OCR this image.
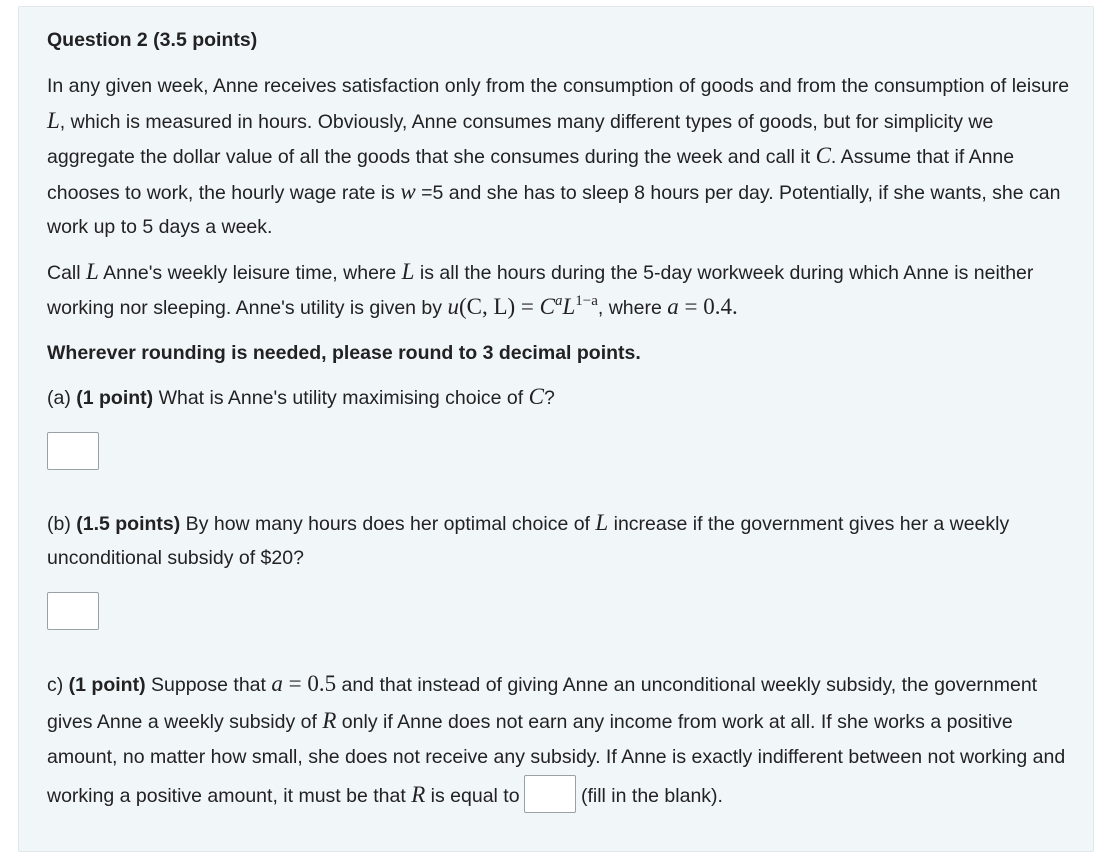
Question 2 (3.5 points)

In any given week, Anne receives satisfaction only from the consumption of goods and from the consumption of leisure L, which is measured in hours. Obviously, Anne consumes many different types of goods, but for simplicity we aggregate the dollar value of all the goods that she consumes during the week and call it C. Assume that if Anne chooses to work, the hourly wage rate is w =5 and she has to sleep 8 hours per day. Potentially, if she wants, she can work up to 5 days a week.

Call L Anne's weekly leisure time, where L is all the hours during the 5-day workweek during which Anne is neither working nor sleeping. Anne's utility is given by u(C, $L) = C^aL^{1-a}$, where a = 0.4.

Wherever rounding is needed, please round to 3 decimal points.

(a) (1 point) What is Anne's utility maximising choice of C?

(b) (1.5 points) By how many hours does her optimal choice of L increase if the government gives her a weekly unconditional subsidy of $20?

c) (1 point) Suppose that a = 0.5 and that instead of giving Anne an unconditional weekly subsidy, the government gives Anne a weekly subsidy of R only if Anne does not earn any income from work at all. If she works a positive amount, no matter how small, she does not receive any subsidy. If Anne is exactly indifferent between not working and working a positive amount, it must be that R is equal to	(fill in the blank).
